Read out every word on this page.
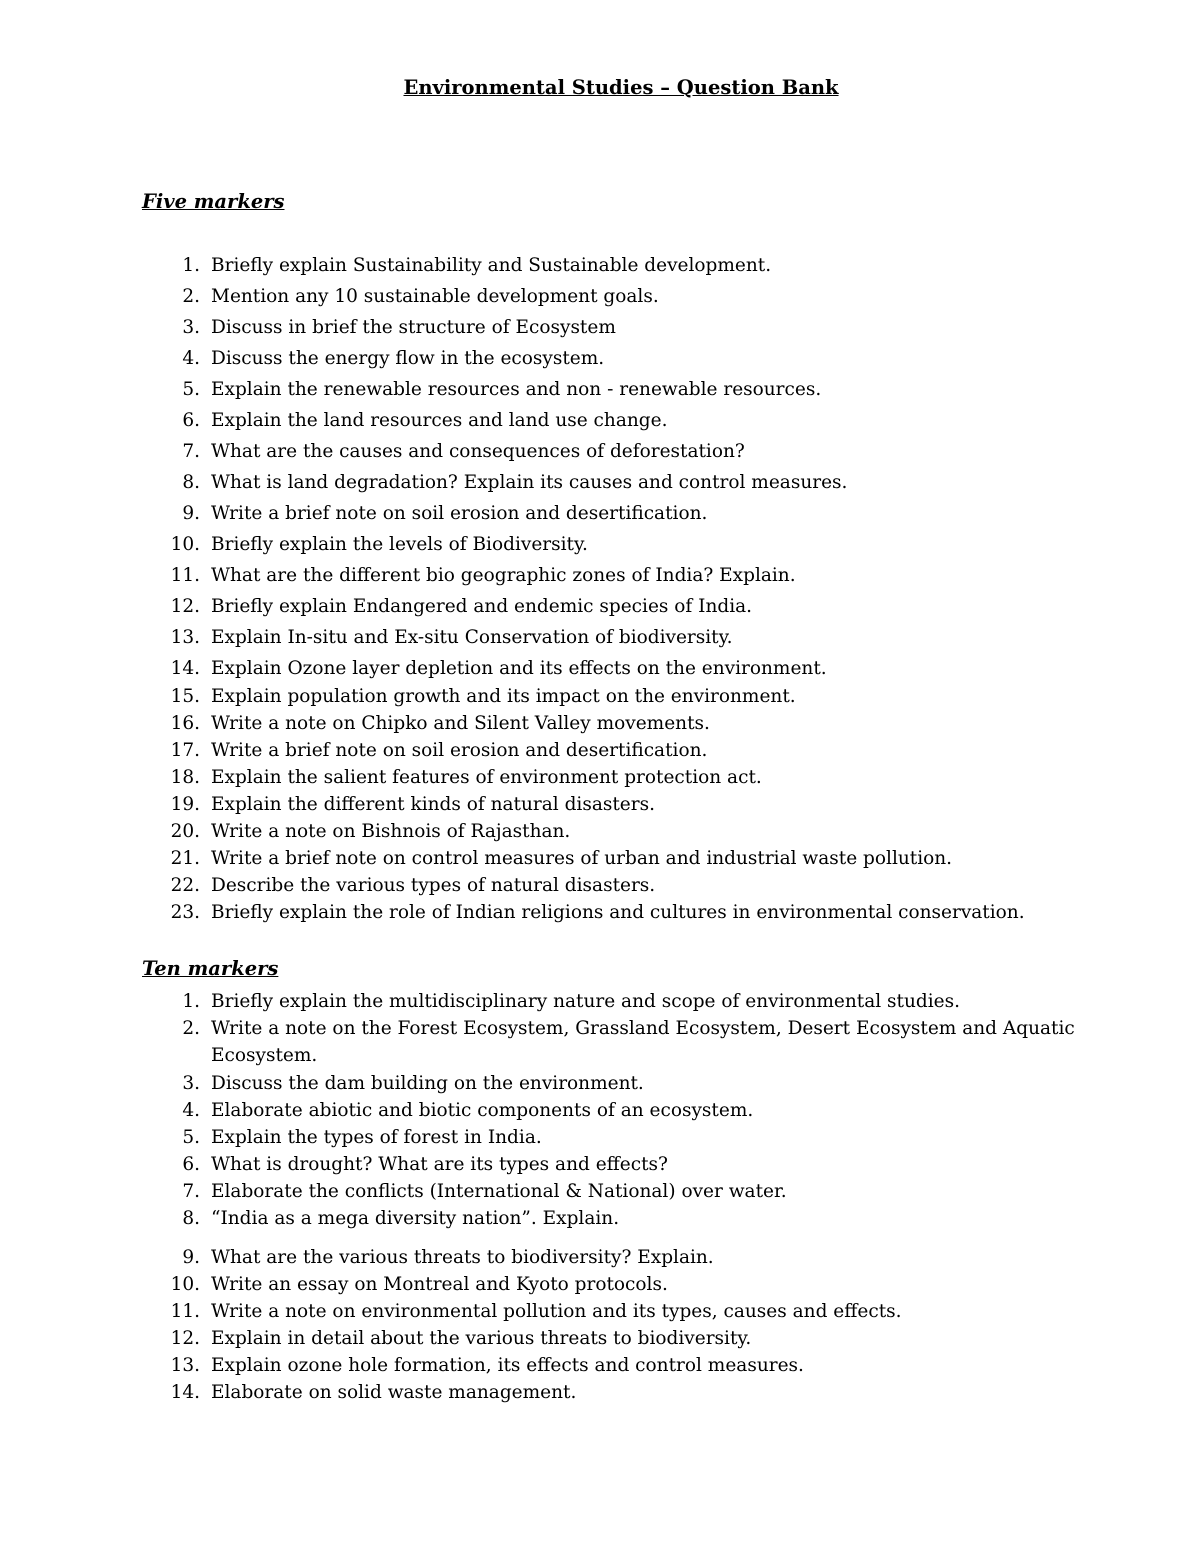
Environmental Studies – Question Bank
Five markers
1. Briefly explain Sustainability and Sustainable development.
2. Mention any 10 sustainable development goals.
3. Discuss in brief the structure of Ecosystem
4. Discuss the energy flow in the ecosystem.
5. Explain the renewable resources and non - renewable resources.
6. Explain the land resources and land use change.
7. What are the causes and consequences of deforestation?
8. What is land degradation? Explain its causes and control measures.
9. Write a brief note on soil erosion and desertification.
10. Briefly explain the levels of Biodiversity.
11. What are the different bio geographic zones of India? Explain.
12. Briefly explain Endangered and endemic species of India.
13. Explain In-situ and Ex-situ Conservation of biodiversity.
14. Explain Ozone layer depletion and its effects on the environment.
15. Explain population growth and its impact on the environment.
16. Write a note on Chipko and Silent Valley movements.
17. Write a brief note on soil erosion and desertification.
18. Explain the salient features of environment protection act.
19. Explain the different kinds of natural disasters.
20. Write a note on Bishnois of Rajasthan.
21. Write a brief note on control measures of urban and industrial waste pollution.
22. Describe the various types of natural disasters.
23. Briefly explain the role of Indian religions and cultures in environmental conservation.
Ten markers
1. Briefly explain the multidisciplinary nature and scope of environmental studies.
2. Write a note on the Forest Ecosystem, Grassland Ecosystem, Desert Ecosystem and Aquatic Ecosystem.
3. Discuss the dam building on the environment.
4. Elaborate abiotic and biotic components of an ecosystem.
5. Explain the types of forest in India.
6. What is drought? What are its types and effects?
7. Elaborate the conflicts (International & National) over water.
8. “India as a mega diversity nation”. Explain.
9. What are the various threats to biodiversity? Explain.
10. Write an essay on Montreal and Kyoto protocols.
11. Write a note on environmental pollution and its types, causes and effects.
12. Explain in detail about the various threats to biodiversity.
13. Explain ozone hole formation, its effects and control measures.
14. Elaborate on solid waste management.
